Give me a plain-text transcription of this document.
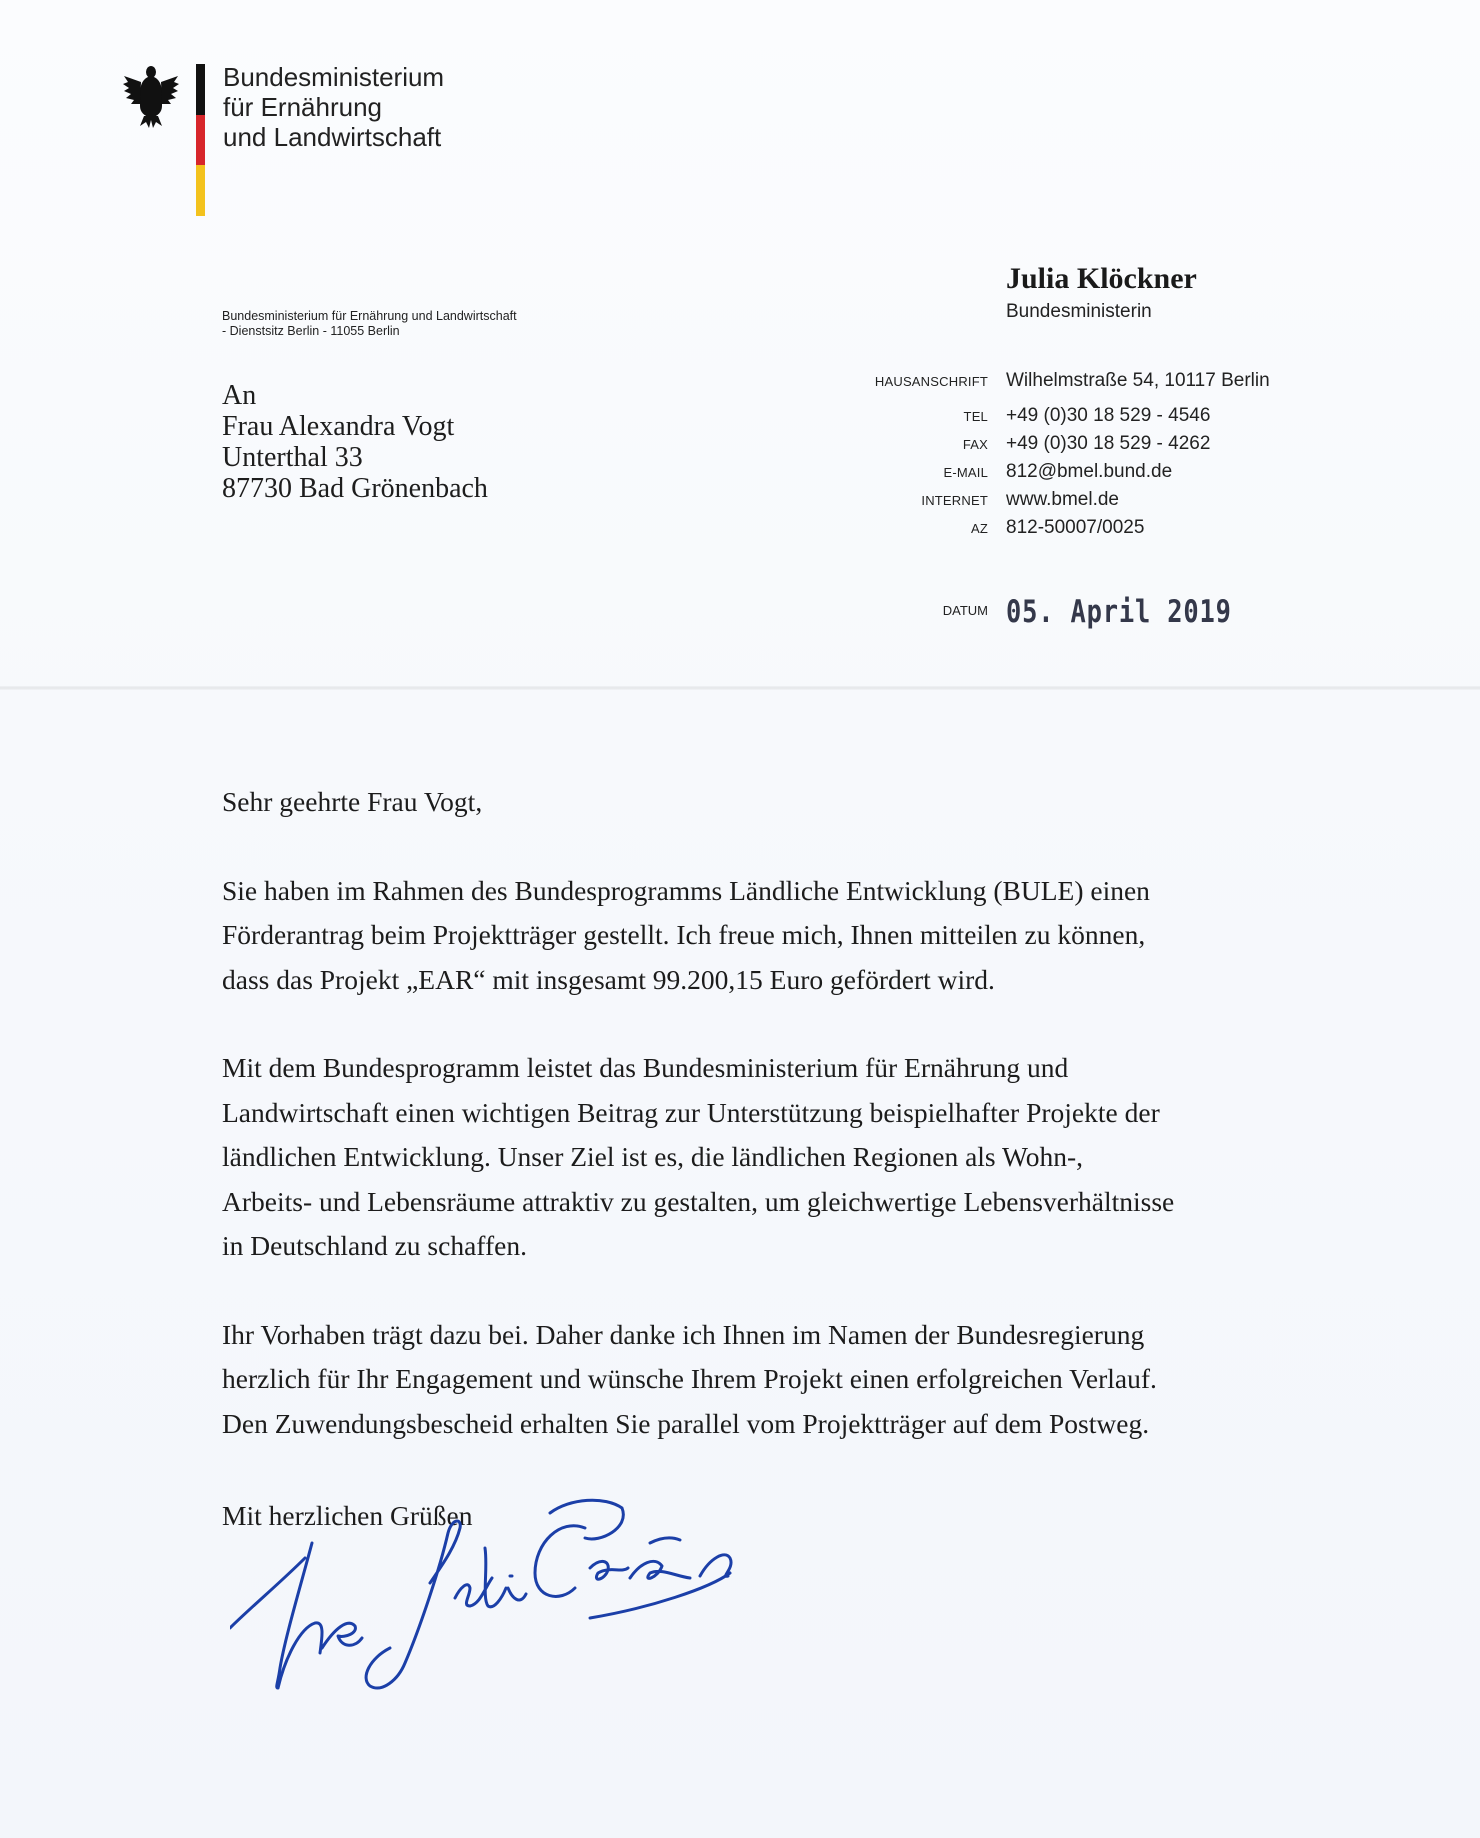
Bundesministerium
für Ernährung
und Landwirtschaft
Bundesministerium für Ernährung und Landwirtschaft
- Dienstsitz Berlin - 11055 Berlin
An
Frau Alexandra Vogt
Unterthal 33
87730 Bad Grönenbach
Julia Klöckner
Bundesministerin
HAUSANSCHRIFT Wilhelmstraße 54, 10117 Berlin
TEL +49 (0)30 18 529 - 4546
FAX +49 (0)30 18 529 - 4262
E-MAIL 812@bmel.bund.de
INTERNET www.bmel.de
AZ 812-50007/0025
DATUM 05. April 2019

Sehr geehrte Frau Vogt,

Sie haben im Rahmen des Bundesprogramms Ländliche Entwicklung (BULE) einen

Förderantrag beim Projektträger gestellt. Ich freue mich, Ihnen mitteilen zu können,

dass das Projekt „EAR“ mit insgesamt 99.200,15 Euro gefördert wird.

Mit dem Bundesprogramm leistet das Bundesministerium für Ernährung und

Landwirtschaft einen wichtigen Beitrag zur Unterstützung beispielhafter Projekte der

ländlichen Entwicklung. Unser Ziel ist es, die ländlichen Regionen als Wohn-,

Arbeits- und Lebensräume attraktiv zu gestalten, um gleichwertige Lebensverhältnisse

in Deutschland zu schaffen.

Ihr Vorhaben trägt dazu bei. Daher danke ich Ihnen im Namen der Bundesregierung

herzlich für Ihr Engagement und wünsche Ihrem Projekt einen erfolgreichen Verlauf.

Den Zuwendungsbescheid erhalten Sie parallel vom Projektträger auf dem Postweg.

Mit herzlichen Grüßen
